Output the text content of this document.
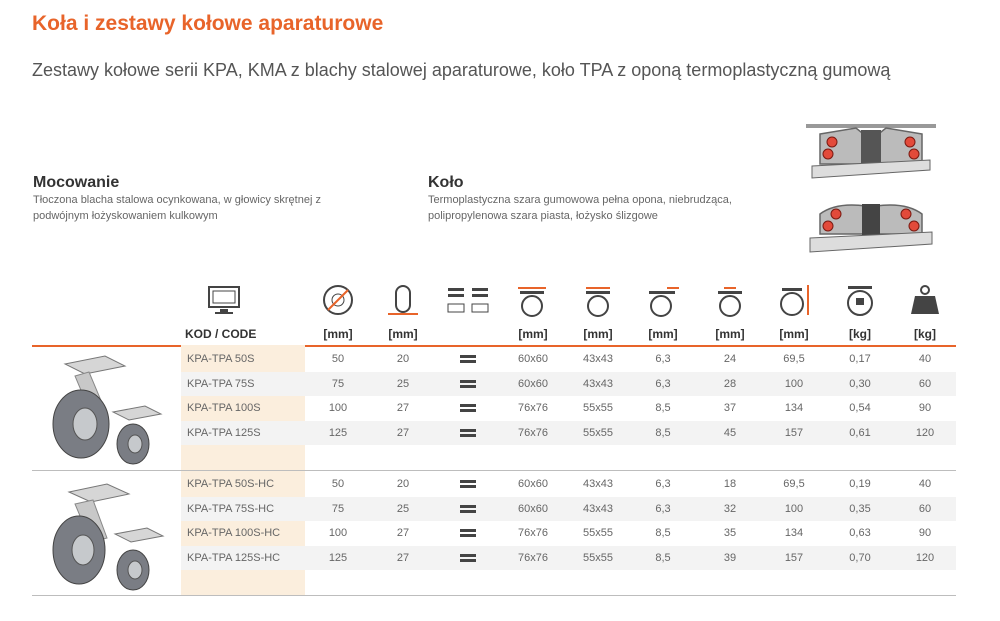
Koła i zestawy kołowe aparaturowe
Zestawy kołowe serii KPA, KMA z blachy stalowej aparaturowe, koło TPA z oponą termoplastyczną gumową
Mocowanie
Tłoczona blacha stalowa ocynkowana, w głowicy skrętnej z podwójnym łożyskowaniem kulkowym
Koło
Termoplastyczna szara gumowowa pełna opona, niebrudząca, polipropylenowa szara piasta, łożysko ślizgowe
KOD / CODE	[mm]	[mm]	[mm]	[mm]	[mm]	[mm]	[mm]	[kg]	[kg]
KPA-TPA 50S	50	20	60x60	43x43	6,3	24	69,5	0,17	40
KPA-TPA 75S	75	25	60x60	43x43	6,3	28	100	0,30	60
KPA-TPA 100S	100	27	76x76	55x55	8,5	37	134	0,54	90
KPA-TPA 125S	125	27	76x76	55x55	8,5	45	157	0,61	120
KPA-TPA 50S-HC	50	20	60x60	43x43	6,3	18	69,5	0,19	40
KPA-TPA 75S-HC	75	25	60x60	43x43	6,3	32	100	0,35	60
KPA-TPA 100S-HC	100	27	76x76	55x55	8,5	35	134	0,63	90
KPA-TPA 125S-HC	125	27	76x76	55x55	8,5	39	157	0,70	120
